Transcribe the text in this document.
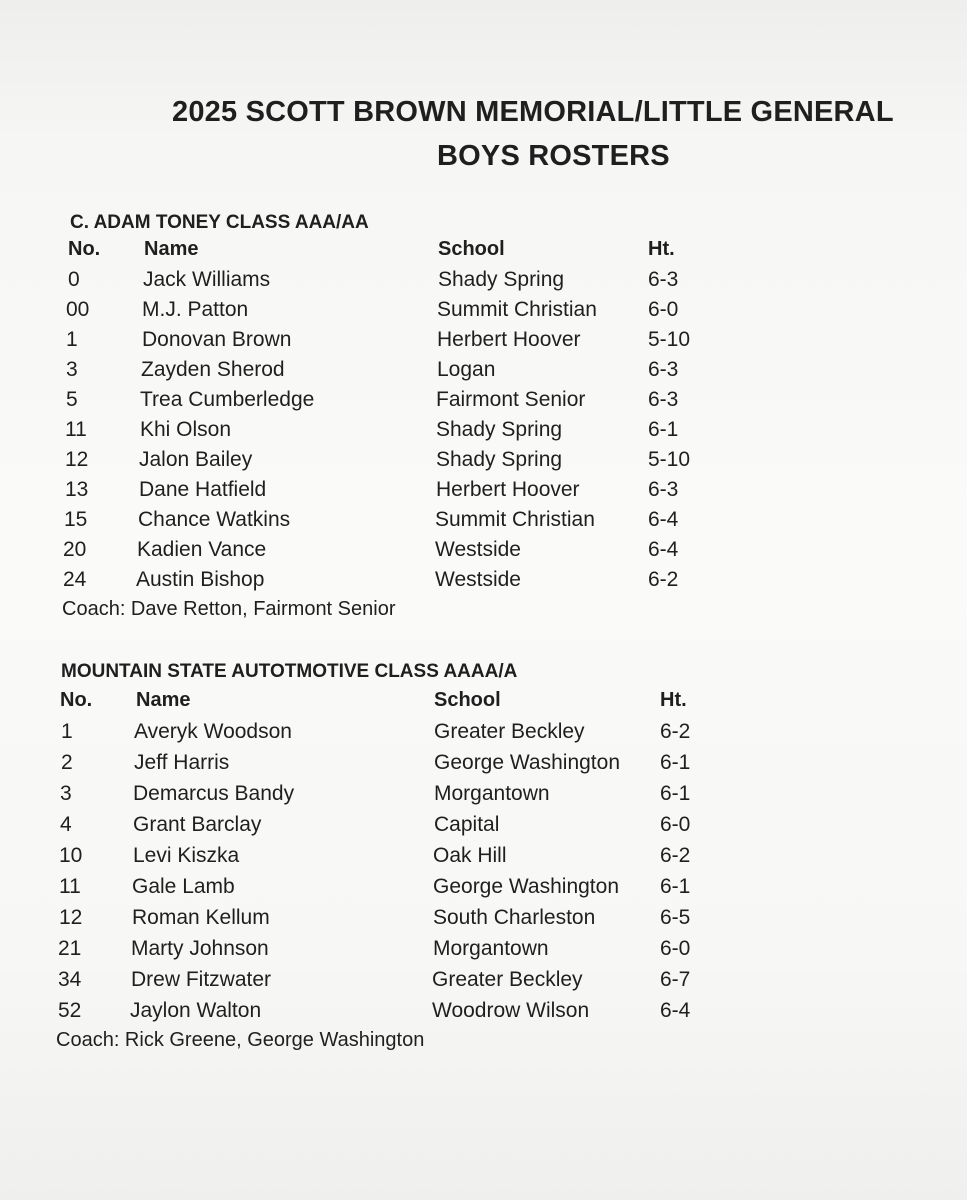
2025 SCOTT BROWN MEMORIAL/LITTLE GENERAL
BOYS ROSTERS
C. ADAM TONEY CLASS AAA/AA
No. Name	School	Ht.
0	Jack Williams	Shady Spring	6-3
00	M.J. Patton	Summit Christian 6-0
1	Donovan Brown	Herbert Hoover	5-10
3	Zayden Sherod	Logan	6-3
5	Trea Cumberledge	Fairmont Senior	6-3
11	Khi Olson	Shady Spring	6-1
12 Jalon Bailey	Shady Spring	5-10
13 Dane Hatfield	Herbert Hoover	6-3
15 Chance Watkins	Summit Christian	6-4
20 Kadien Vance	Westside	6-4
24 Austin Bishop	Westside	6-2
Coach: Dave Retton, Fairmont Senior
MOUNTAIN STATE AUTOTMOTIVE CLASS AAAA/A
No. Name	School	Ht.
1	Averyk Woodson	Greater Beckley	6-2
2	Jeff Harris	George Washington 6-1
3	Demarcus Bandy	Morgantown	6-1
4	Grant Barclay	Capital	6-0
10 Levi Kiszka	Oak Hill	6-2
11 Gale Lamb	George Washington 6-1
12 Roman Kellum	South Charleston	6-5
21 Marty Johnson	Morgantown	6-0
34 Drew Fitzwater	Greater Beckley	6-7
52 Jaylon Walton	Woodrow Wilson	6-4
Coach: Rick Greene, George Washington
